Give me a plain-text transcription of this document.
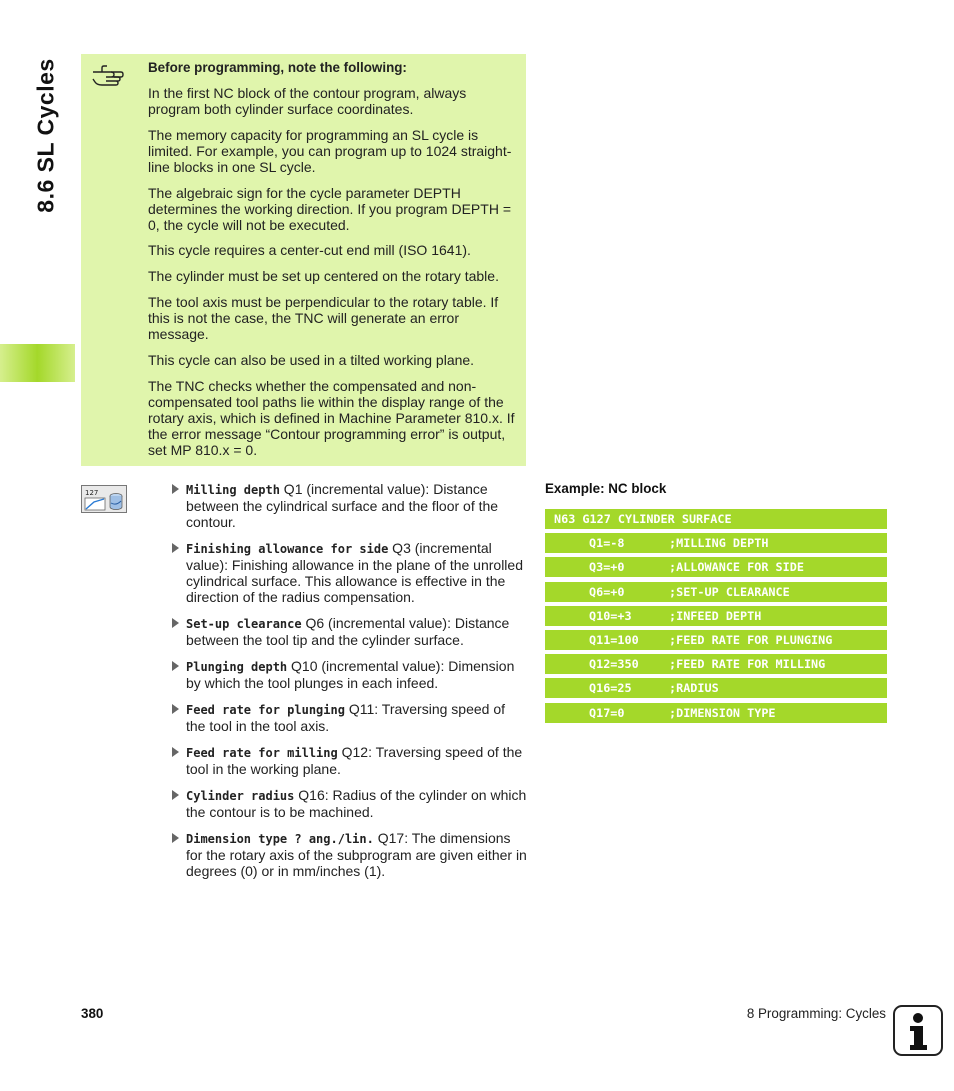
8.6 SL Cycles	Before programming, note the following:

In the first NC block of the contour program, always program both cylinder surface coordinates.

The memory capacity for programming an SL cycle is limited. For example, you can program up to 1024 straight-line blocks in one SL cycle.

The algebraic sign for the cycle parameter DEPTH determines the working direction. If you program DEPTH = 0, the cycle will not be executed.

This cycle requires a center-cut end mill (ISO 1641).

The cylinder must be set up centered on the rotary table.

The tool axis must be perpendicular to the rotary table. If this is not the case, the TNC will generate an error message.

This cycle can also be used in a tilted working plane.

The TNC checks whether the compensated and non-compensated tool paths lie within the display range of the rotary axis, which is defined in Machine Parameter 810.x. If the error message “Contour programming error” is output, set MP 810.x = 0.

127	Milling depth Q1 (incremental value): Distance between the cylindrical surface and the floor of the contour.
Finishing allowance for side Q3 (incremental value): Finishing allowance in the plane of the unrolled cylindrical surface. This allowance is effective in the direction of the radius compensation.
Set-up clearance Q6 (incremental value): Distance between the tool tip and the cylinder surface.
Plunging depth Q10 (incremental value): Dimension by which the tool plunges in each infeed.
Feed rate for plunging Q11: Traversing speed of the tool in the tool axis.
Feed rate for milling Q12: Traversing speed of the tool in the working plane.
Cylinder radius Q16: Radius of the cylinder on which the contour is to be machined.
Dimension type ? ang./lin. Q17: The dimensions for the rotary axis of the subprogram are given either in degrees (0) or in mm/inches (1).
Example: NC block
N63 G127 CYLINDER SURFACE
Q1=-8	;MILLING DEPTH
Q3=+0	;ALLOWANCE FOR SIDE
Q6=+0	;SET-UP CLEARANCE
Q10=+3	;INFEED DEPTH
Q11=100	;FEED RATE FOR PLUNGING
Q12=350	;FEED RATE FOR MILLING
Q16=25	;RADIUS
Q17=0	;DIMENSION TYPE
380	8 Programming: Cycles
